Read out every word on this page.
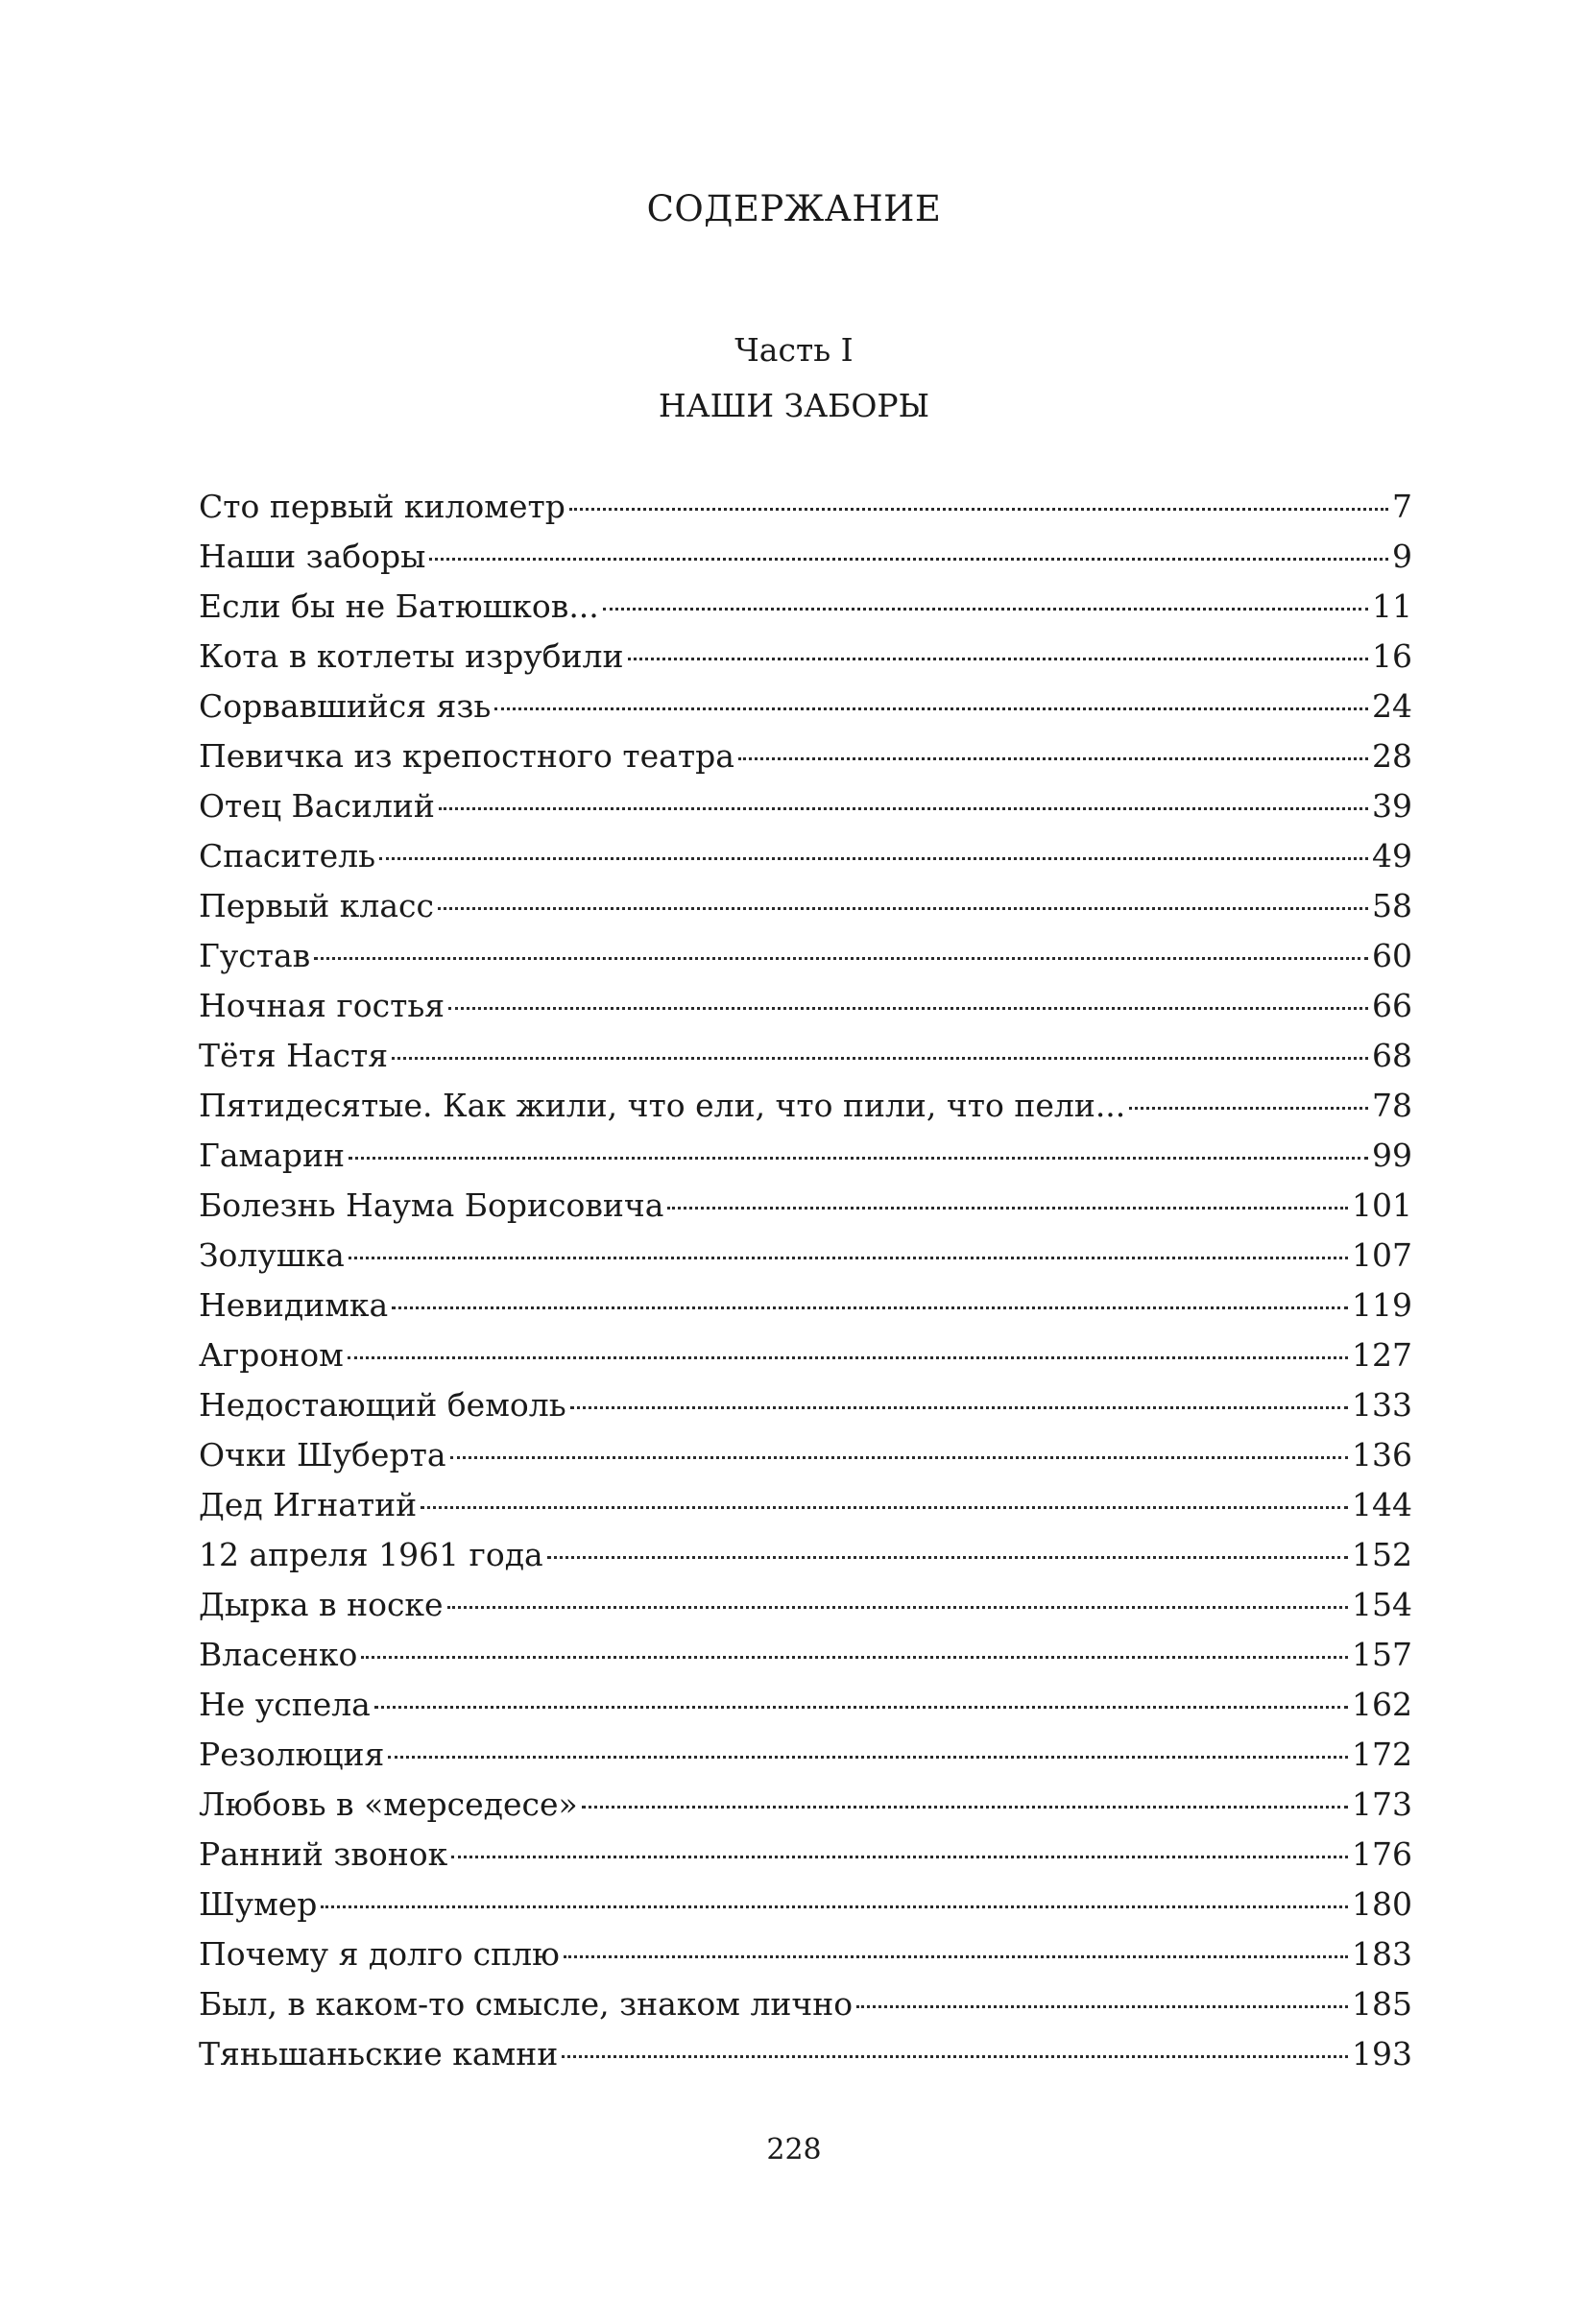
СОДЕРЖАНИЕ
Часть I
НАШИ ЗАБОРЫ
Сто первый километр	7
Наши заборы	9
Если бы не Батюшков...	11
Кота в котлеты изрубили	16
Сорвавшийся язь	24
Певичка из крепостного театра	28
Отец Василий	39
Спаситель	49
Первый класс	58
Густав	60
Ночная гостья	66
Тётя Настя	68
Пятидесятые. Как жили, что ели, что пили, что пели...	78
Гамарин	99
Болезнь Наума Борисовича	101
Золушка	107
Невидимка	119
Агроном	127
Недостающий бемоль	133
Очки Шуберта	136
Дед Игнатий	144
12 апреля 1961 года	152
Дырка в носке	154
Власенко	157
Не успела	162
Резолюция	172
Любовь в «мерседесе»	173
Ранний звонок	176
Шумер	180
Почему я долго сплю	183
Был, в каком-то смысле, знаком лично	185
Тяньшаньские камни	193
228
